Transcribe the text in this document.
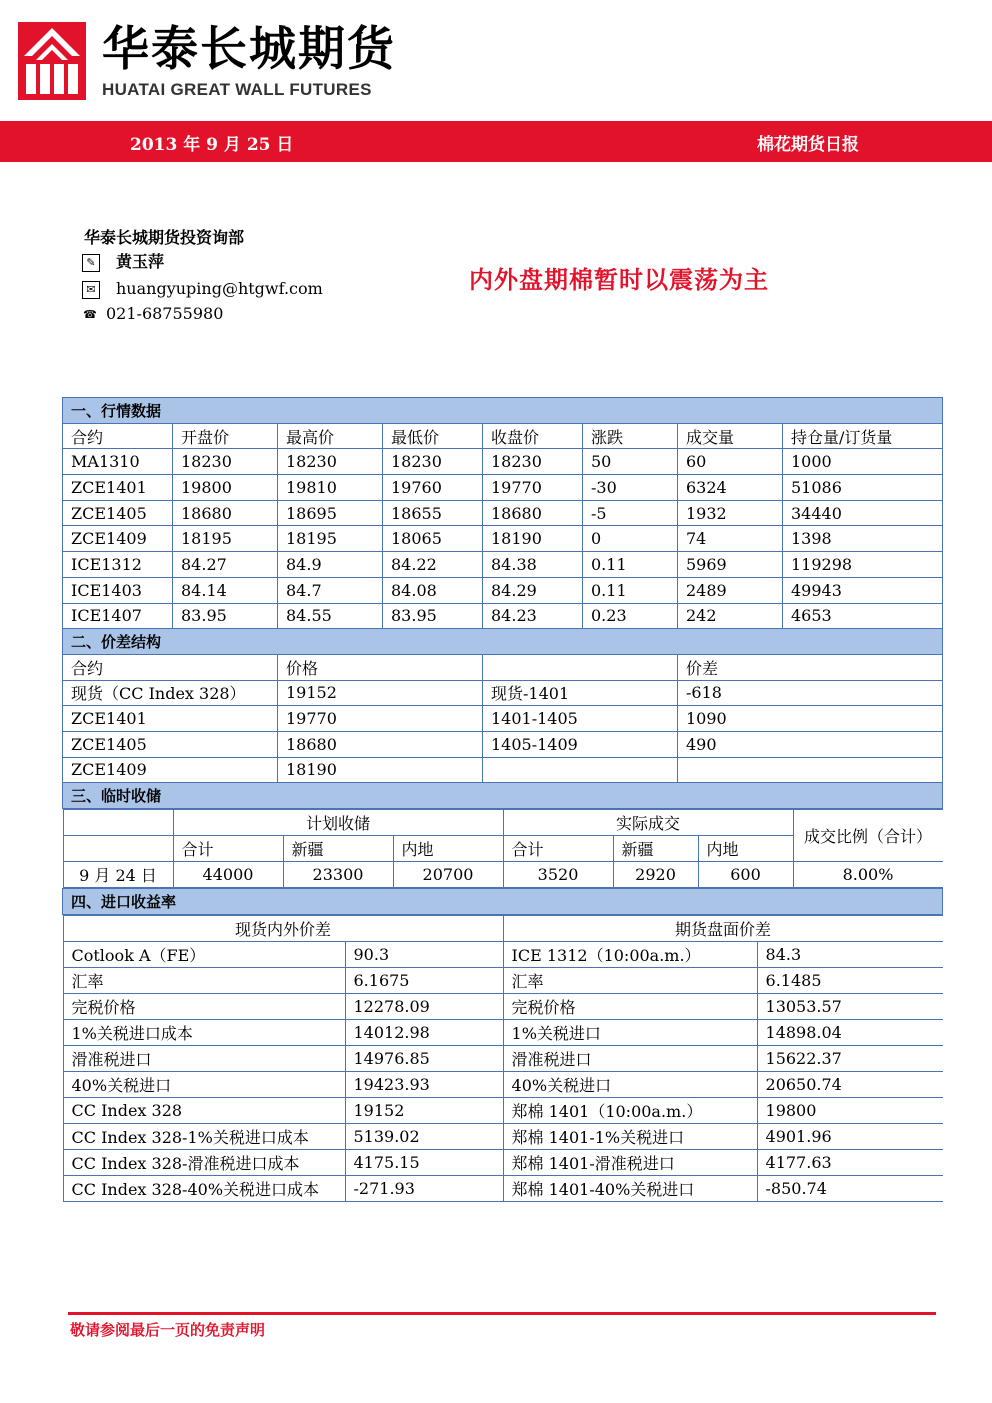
华泰长城期货
HUATAI GREAT WALL FUTURES
2013 年 9 月 25 日	棉花期货日报
华泰长城期货投资询部
✎ 黄玉萍
✉ huangyuping@htgwf.com
☎ 021-68755980
内外盘期棉暂时以震荡为主
一、行情数据
合约	开盘价	最高价	最低价	收盘价	涨跌	成交量	持仓量/订货量
MA1310	18230	18230	18230	18230	50	60	1000
ZCE1401	19800	19810	19760	19770	-30	6324	51086
ZCE1405	18680	18695	18655	18680	-5	1932	34440
ZCE1409	18195	18195	18065	18190	0	74	1398
ICE1312	84.27	84.9	84.22	84.38	0.11	5969	119298
ICE1403	84.14	84.7	84.08	84.29	0.11	2489	49943
ICE1407	83.95	84.55	83.95	84.23	0.23	242	4653
二、价差结构
合约	价格		价差
现货（CC Index 328）	19152	现货-1401	-618
ZCE1401	19770	1401-1405	1090
ZCE1405	18680	1405-1409	490
ZCE1409	18190		
三、临时收储

	计划收储	实际成交	成交比例（合计）
	合计	新疆	内地	合计	新疆	内地
9 月 24 日	44000	23300	20700	3520	2920	600	8.00%

四、进口收益率

现货内外价差	期货盘面价差
Cotlook A（FE）	90.3	ICE 1312（10:00a.m.）	84.3
汇率	6.1675	汇率	6.1485
完税价格	12278.09	完税价格	13053.57
1%关税进口成本	14012.98	1%关税进口	14898.04
滑准税进口	14976.85	滑准税进口	15622.37
40%关税进口	19423.93	40%关税进口	20650.74
CC Index 328	19152	郑棉 1401（10:00a.m.）	19800
CC Index 328-1%关税进口成本	5139.02	郑棉 1401-1%关税进口	4901.96
CC Index 328-滑准税进口成本	4175.15	郑棉 1401-滑准税进口	4177.63
CC Index 328-40%关税进口成本	-271.93	郑棉 1401-40%关税进口	-850.74
敬请参阅最后一页的免责声明
